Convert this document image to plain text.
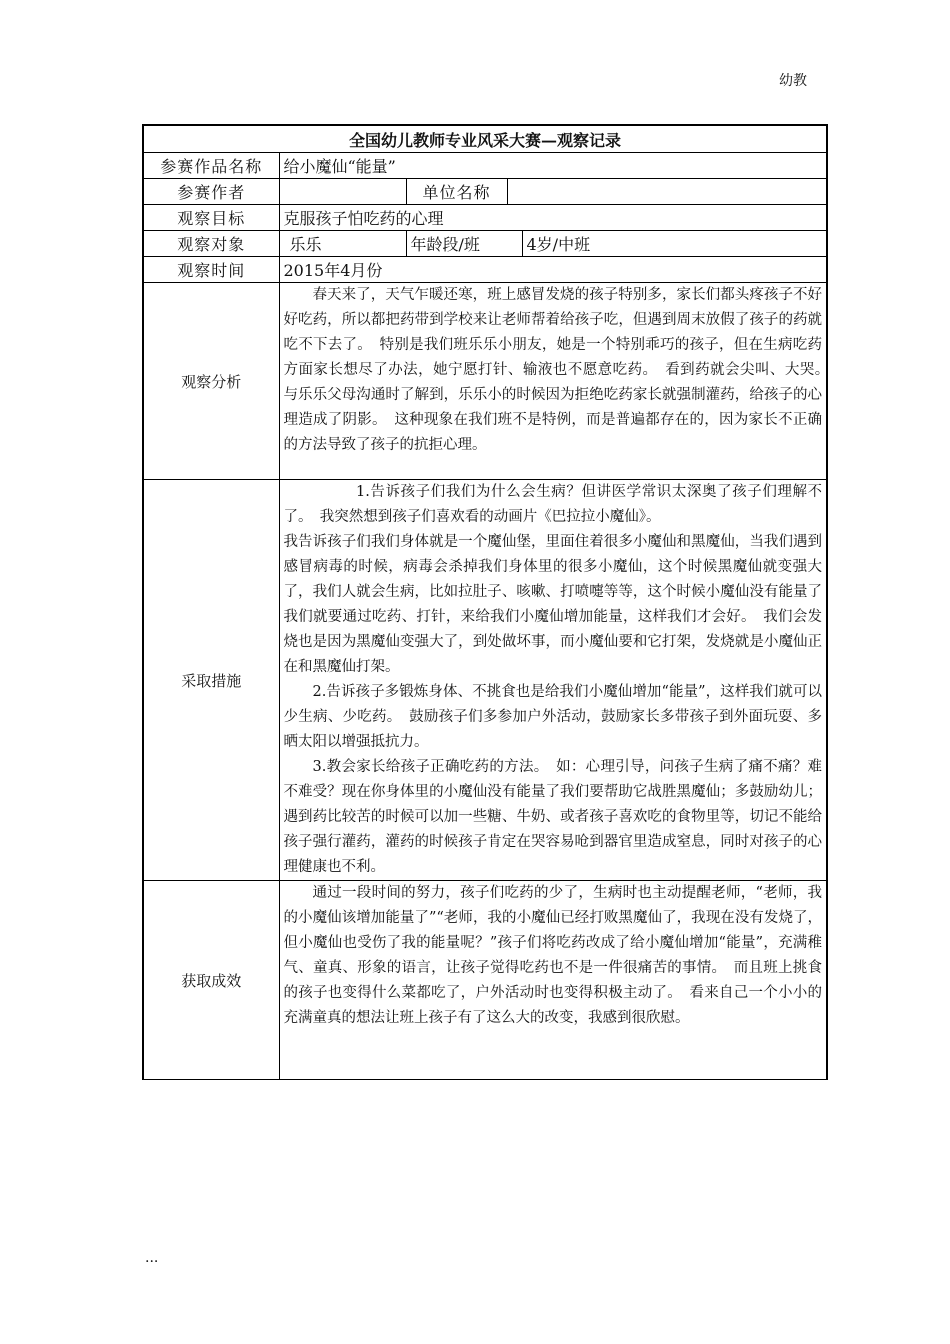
幼教
全国幼儿教师专业风采大赛—观察记录				
参赛作品名称	给小魔仙“能量”			
参赛作者		单位名称		
观察目标	克服孩子怕吃药的心理			
观察对象	乐乐	年龄段/班		4岁/中班
观察时间	2015年4月份			
观察分析	春天来了，天气乍暖还寒，班上感冒发烧的孩子特别多，家长们都头疼孩子不好好吃药，所以都把药带到学校来让老师帮着给孩子吃，但遇到周末放假了孩子的药就吃不下去了。　特别是我们班乐乐小朋友，她是一个特别乖巧的孩子，但在生病吃药方面家长想尽了办法，她宁愿打针、输液也不愿意吃药。　看到药就会尖叫、大哭。　与乐乐父母沟通时了解到，乐乐小的时候因为拒绝吃药家长就强制灌药，给孩子的心理造成了阴影。　这种现象在我们班不是特例，而是普遍都存在的，因为家长不正确的方法导致了孩子的抗拒心理。			

采取措施	1.告诉孩子们我们为什么会生病？但讲医学常识太深奥了孩子们理解不了。　我突然想到孩子们喜欢看的动画片《巴拉拉小魔仙》。

我告诉孩子们我们身体就是一个魔仙堡，里面住着很多小魔仙和黑魔仙，当我们遇到感冒病毒的时候，病毒会杀掉我们身体里的很多小魔仙，这个时候黑魔仙就变强大了，我们人就会生病，比如拉肚子、咳嗽、打喷嚏等等，这个时候小魔仙没有能量了我们就要通过吃药、打针，来给我们小魔仙增加能量，这样我们才会好。　我们会发烧也是因为黑魔仙变强大了，到处做坏事，而小魔仙要和它打架，发烧就是小魔仙正在和黑魔仙打架。

2.告诉孩子多锻炼身体、不挑食也是给我们小魔仙增加“能量”，这样我们就可以少生病、少吃药。　鼓励孩子们多参加户外活动，鼓励家长多带孩子到外面玩耍、多晒太阳以增强抵抗力。

3.教会家长给孩子正确吃药的方法。　如：心理引导，问孩子生病了痛不痛？难不难受？现在你身体里的小魔仙没有能量了我们要帮助它战胜黑魔仙；多鼓励幼儿；遇到药比较苦的时候可以加一些糖、牛奶、或者孩子喜欢吃的食物里等，切记不能给孩子强行灌药，灌药的时候孩子肯定在哭容易呛到器官里造成窒息，同时对孩子的心理健康也不利。			

获取成效	通过一段时间的努力，孩子们吃药的少了，生病时也主动提醒老师，“老师，我的小魔仙该增加能量了”“老师，我的小魔仙已经打败黑魔仙了，我现在没有发烧了，但小魔仙也受伤了我的能量呢？”孩子们将吃药改成了给小魔仙增加“能量”，充满稚气、童真、形象的语言，让孩子觉得吃药也不是一件很痛苦的事情。　而且班上挑食的孩子也变得什么菜都吃了，户外活动时也变得积极主动了。　看来自己一个小小的充满童真的想法让班上孩子有了这么大的改变，我感到很欣慰。			

...
